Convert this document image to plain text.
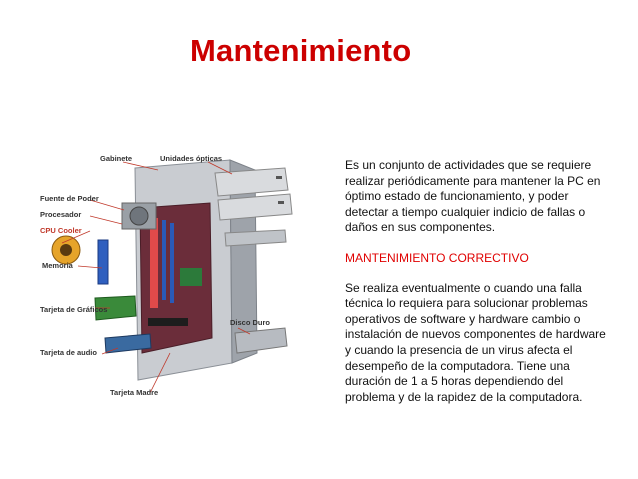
Mantenimiento
Gabinete	Unidades ópticas
Fuente de Poder
Procesador
CPU Cooler
Memoria
Tarjeta de Gráficos
Disco Duro
Tarjeta de audio
Tarjeta Madre

Es un conjunto de actividades que se requiere realizar periódicamente para mantener la PC en óptimo estado de funcionamiento, y poder detectar a tiempo cualquier indicio de fallas o daños en sus componentes.

MANTENIMIENTO CORRECTIVO

Se realiza eventualmente o cuando una falla técnica lo requiera para solucionar problemas operativos de software y hardware cambio o instalación de nuevos componentes de hardware y cuando la presencia de un virus afecta el desempeño de la computadora. Tiene una duración de 1 a 5 horas dependiendo del problema y de la rapidez de la computadora.
